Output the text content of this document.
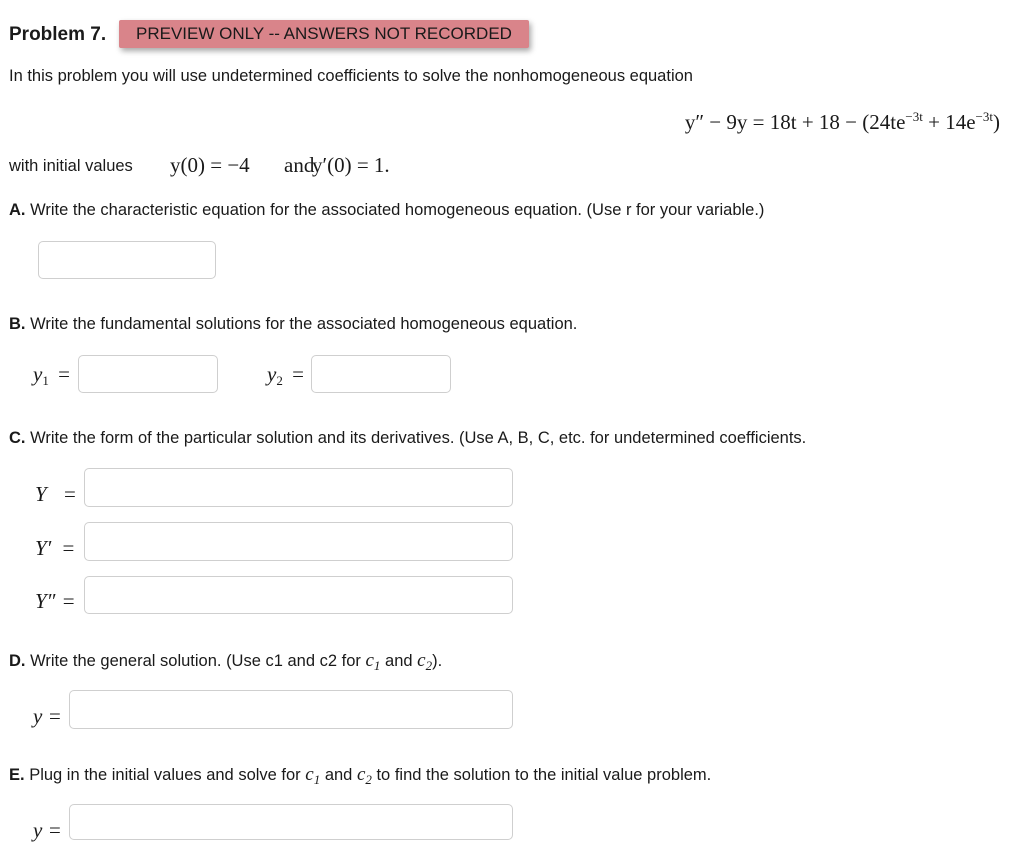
Problem 7.	PREVIEW ONLY -- ANSWERS NOT RECORDED
In this problem you will use undetermined coefficients to solve the nonhomogeneous equation
$y'' - 9y = 18t + 18 - (24te^{-3t} + 14e^{-3t})$
with initial values y(0) = −4 and
y′(0) = 1.
A. Write the characteristic equation for the associated homogeneous equation. (Use r for your variable.)
B. Write the fundamental solutions for the associated homogeneous equation.
$y_1$ =	$y_2$ =
C. Write the form of the particular solution and its derivatives. (Use A, B, C, etc. for undetermined coefficients.
Y =
Y′ =
Y″ =
D. Write the general solution. (Use c1 and c2 for $c_1$ and $c_2$).
y =
E. Plug in the initial values and solve for $c_1$ and $c_2$ to find the solution to the initial value problem.
y =
